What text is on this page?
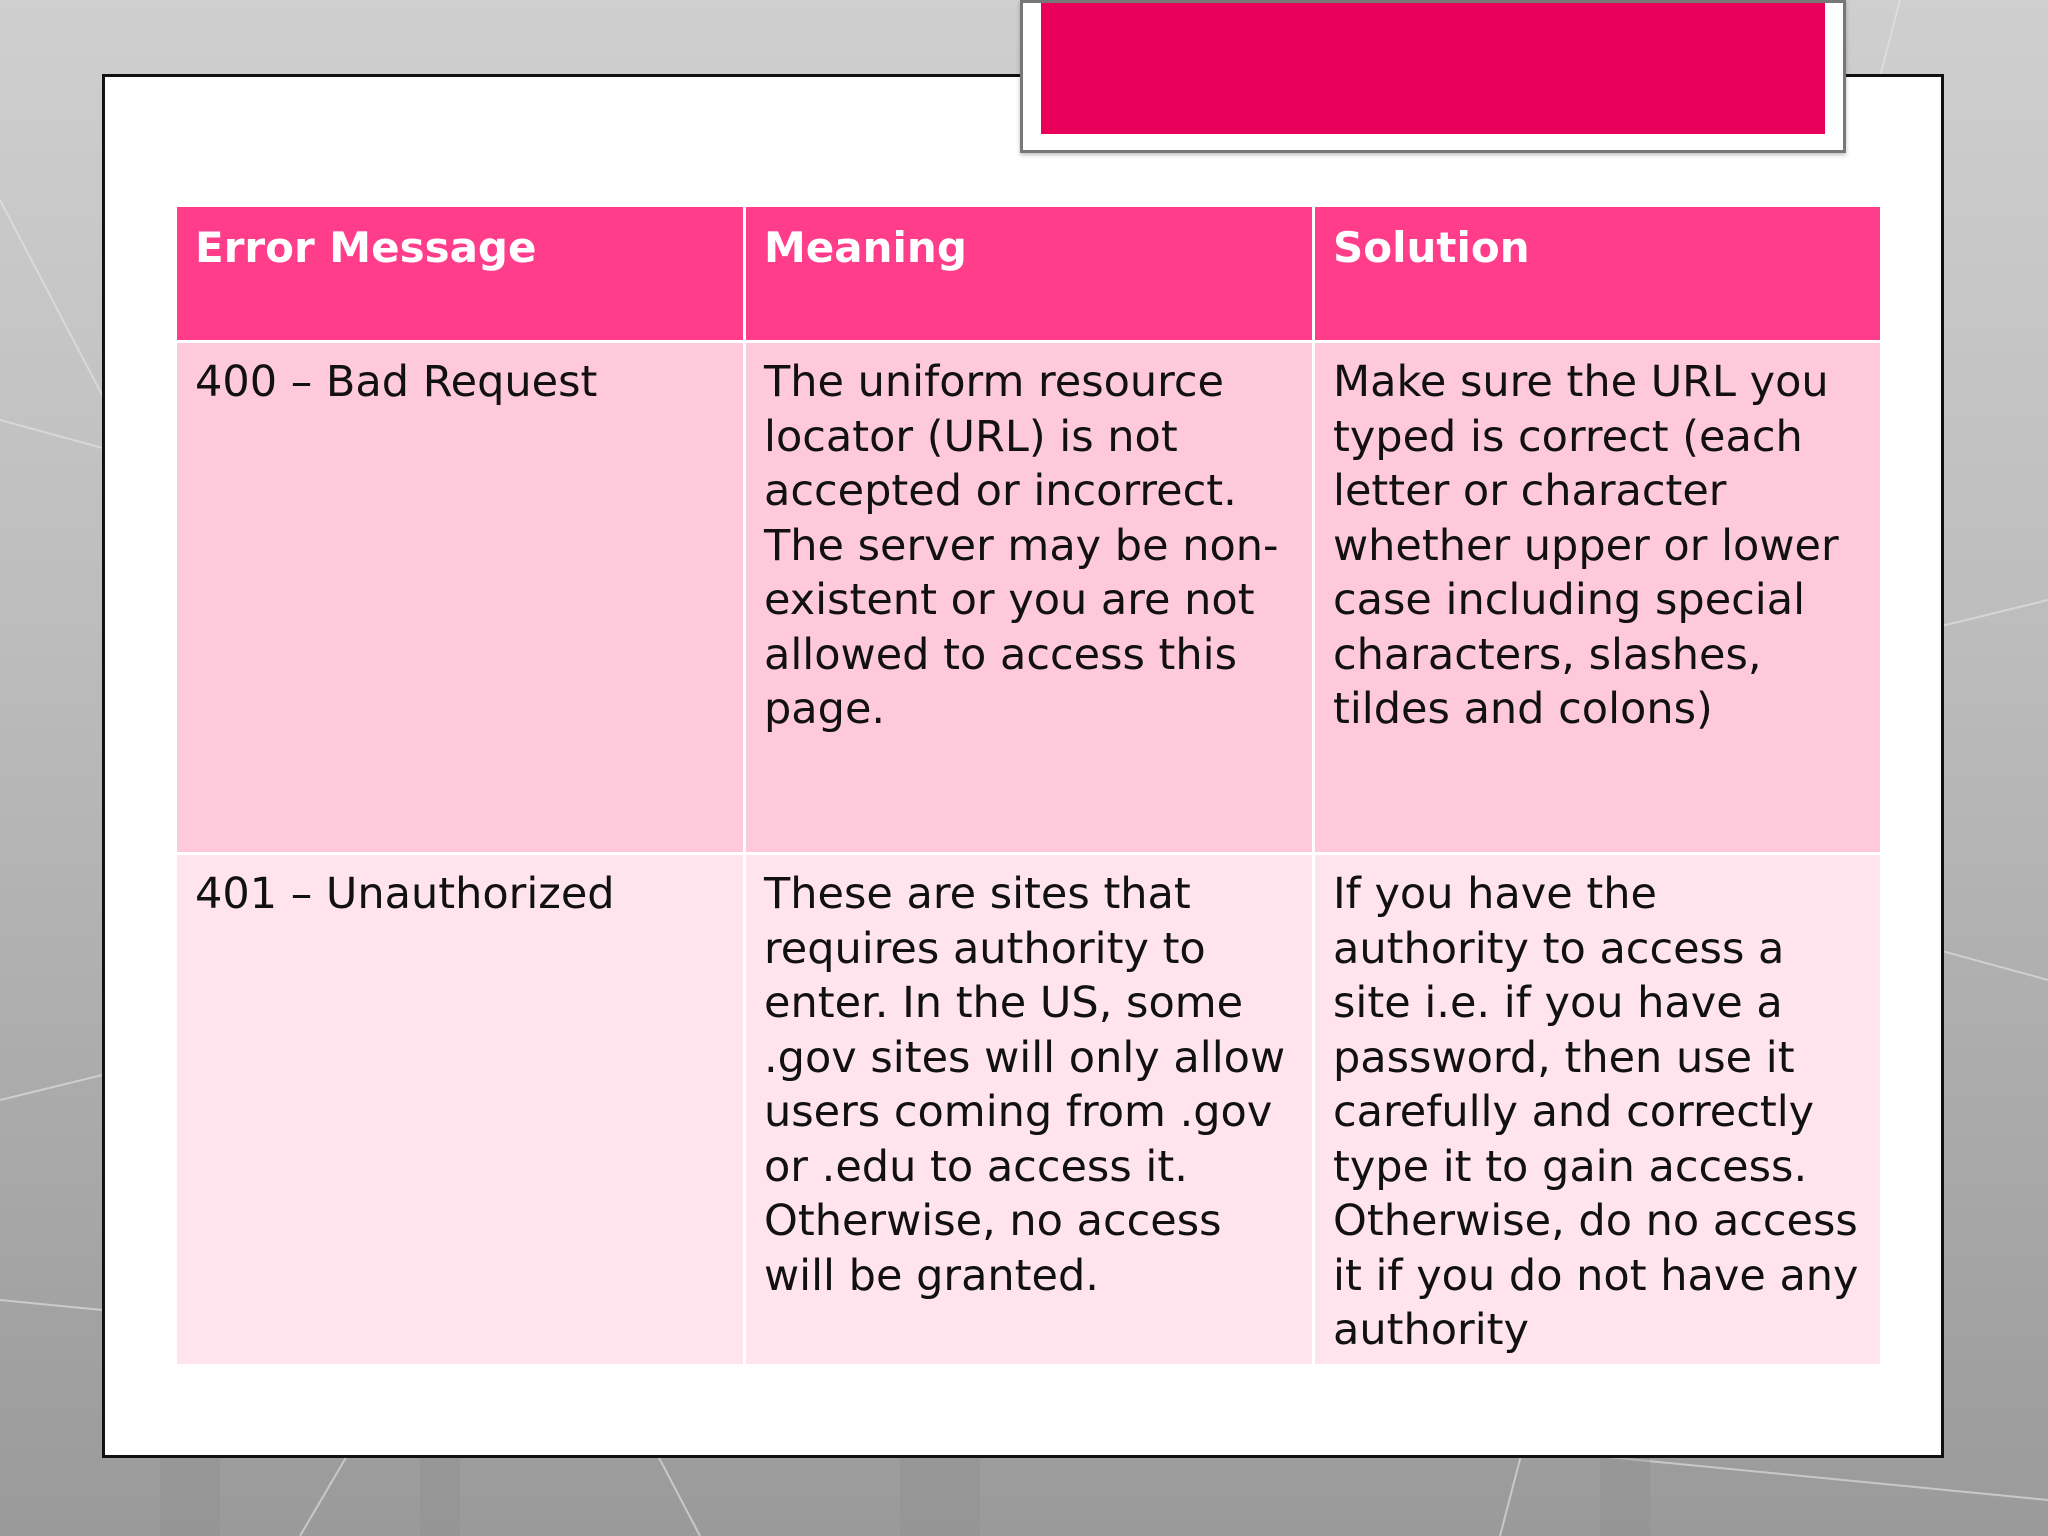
Error Message	Meaning	Solution
400 – Bad Request	The uniform resource locator (URL) is not accepted or incorrect. The server may be non-existent or you are not allowed to access this page.	Make sure the URL you typed is correct (each letter or character whether upper or lower case including special characters, slashes, tildes and colons)
401 – Unauthorized	These are sites that requires authority to enter. In the US, some .gov sites will only allow users coming from .gov or .edu to access it. Otherwise, no access will be granted.	If you have the authority to access a site i.e. if you have a password, then use it carefully and correctly type it to gain access. Otherwise, do no access it if you do not have any authority
